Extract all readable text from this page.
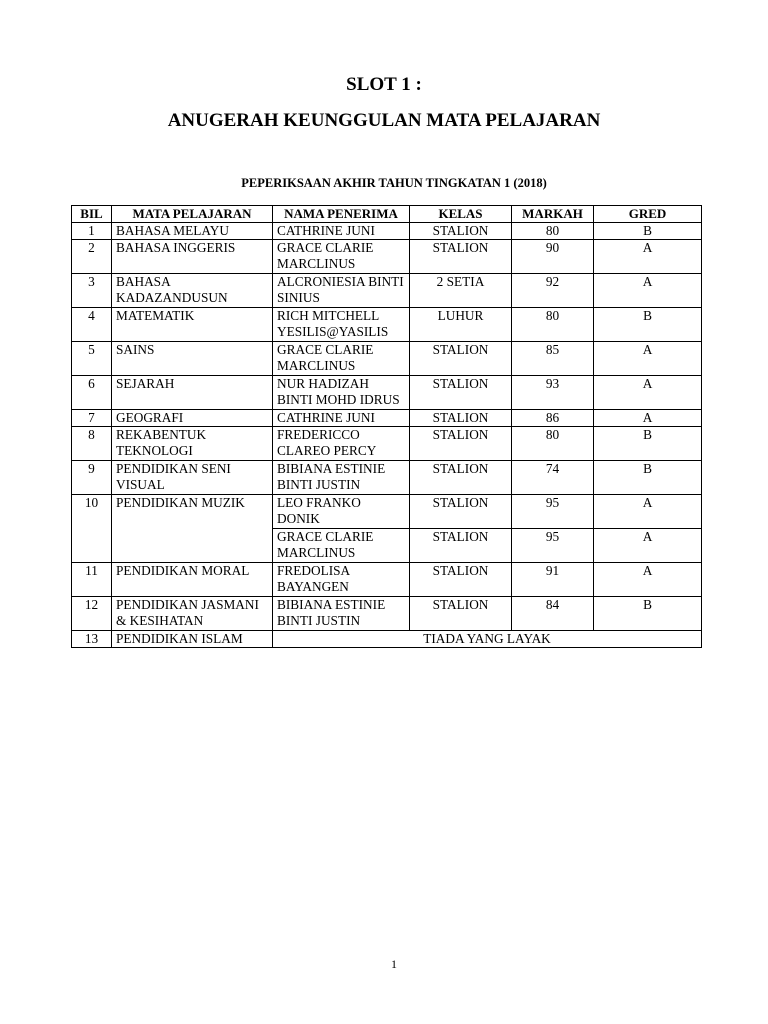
SLOT 1 :
ANUGERAH KEUNGGULAN MATA PELAJARAN
PEPERIKSAAN AKHIR TAHUN TINGKATAN 1 (2018)
BIL	MATA PELAJARAN	NAMA PENERIMA	KELAS	MARKAH	GRED
1	BAHASA MELAYU	CATHRINE JUNI	STALION	80	B
2	BAHASA INGGERIS	GRACE CLARIE MARCLINUS	STALION	90	A
3	BAHASA KADAZANDUSUN	ALCRONIESIA BINTI SINIUS	2 SETIA	92	A
4	MATEMATIK	RICH MITCHELL YESILIS@YASILIS	LUHUR	80	B
5	SAINS	GRACE CLARIE MARCLINUS	STALION	85	A
6	SEJARAH	NUR HADIZAH BINTI MOHD IDRUS	STALION	93	A
7	GEOGRAFI	CATHRINE JUNI	STALION	86	A
8	REKABENTUK TEKNOLOGI	FREDERICCO CLAREO PERCY	STALION	80	B
9	PENDIDIKAN SENI VISUAL	BIBIANA ESTINIE BINTI JUSTIN	STALION	74	B
10	PENDIDIKAN MUZIK	LEO FRANKO DONIK	STALION	95	A
		GRACE CLARIE MARCLINUS	STALION	95	A
11	PENDIDIKAN MORAL	FREDOLISA BAYANGEN	STALION	91	A
12	PENDIDIKAN JASMANI & KESIHATAN	BIBIANA ESTINIE BINTI JUSTIN	STALION	84	B
13	PENDIDIKAN ISLAM	TIADA YANG LAYAK			
1
